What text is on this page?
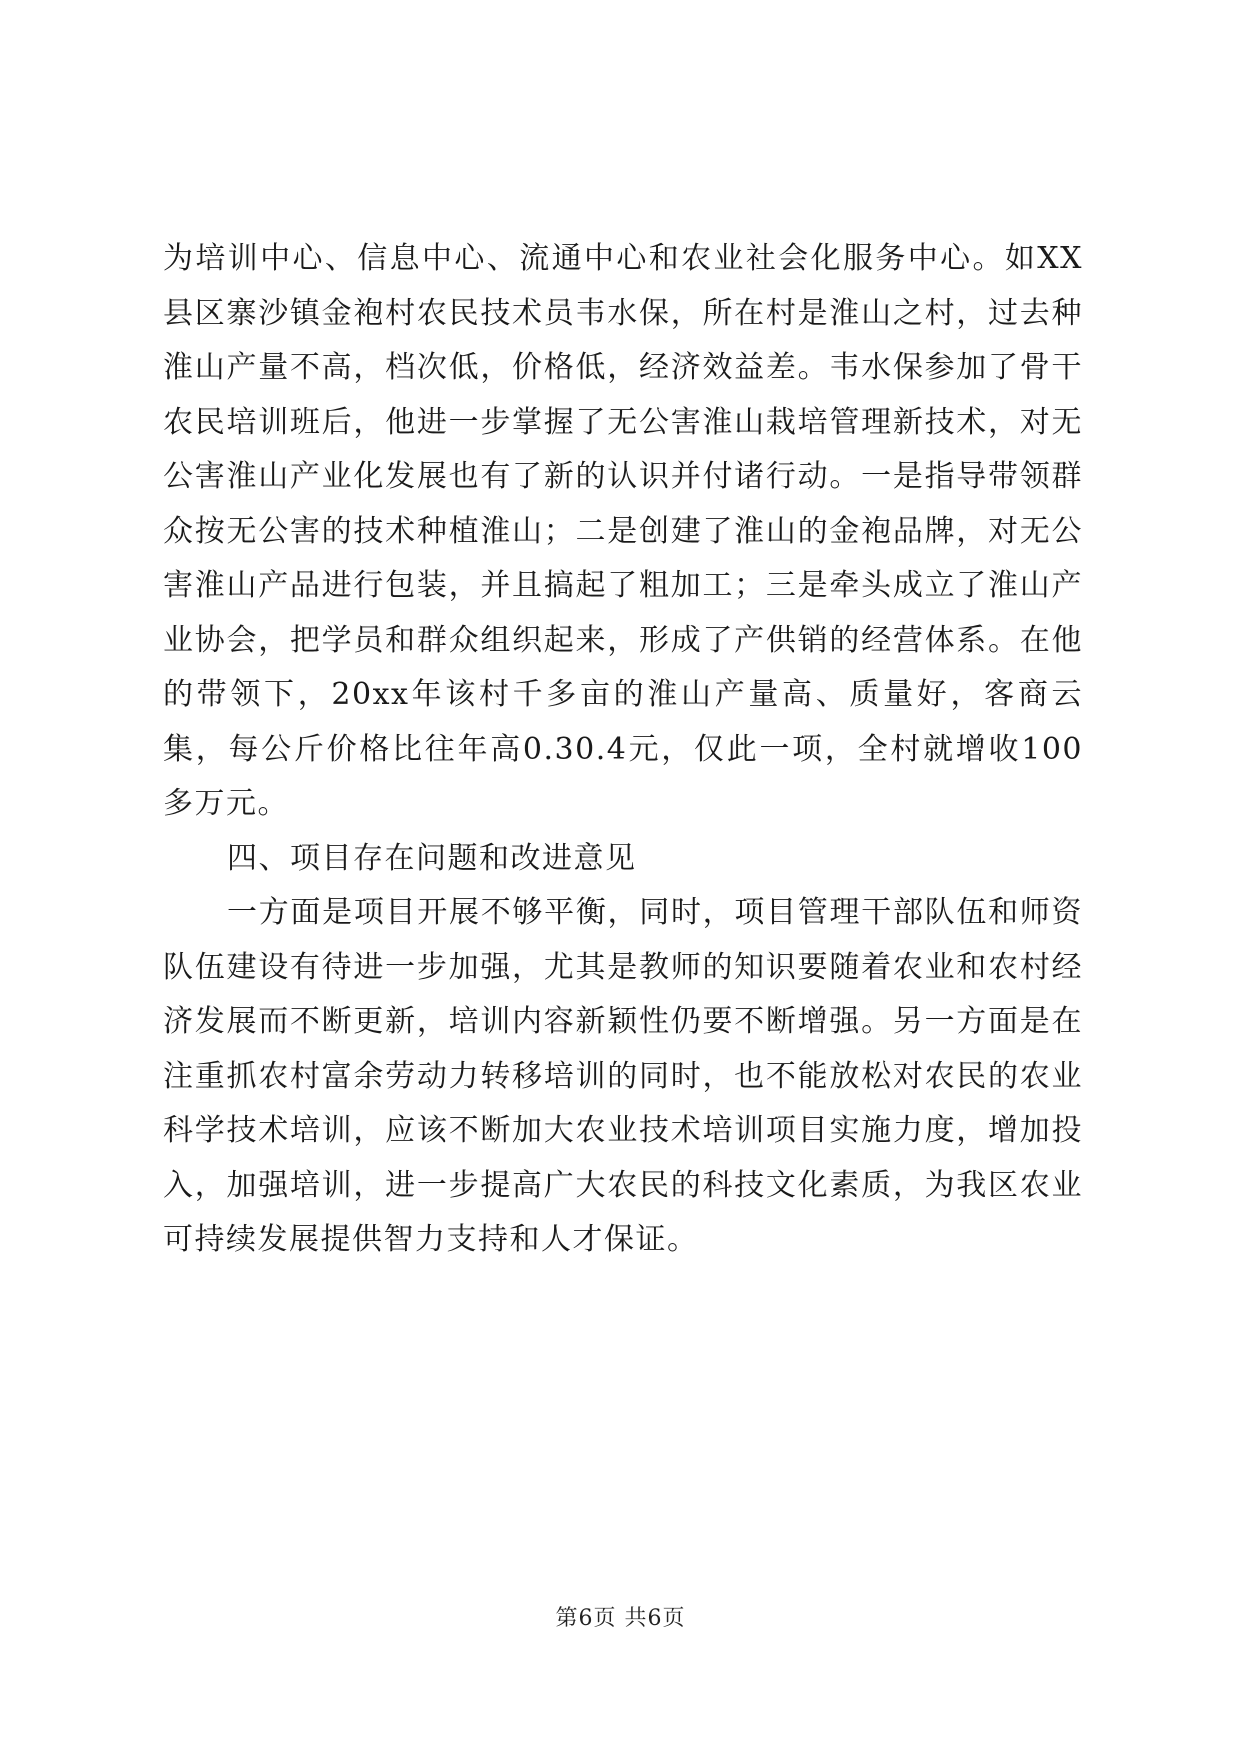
为培训中心、信息中心、流通中心和农业社会化服务中心。如XX县区寨沙镇金袍村农民技术员韦水保，所在村是淮山之村，过去种淮山产量不高，档次低，价格低，经济效益差。韦水保参加了骨干农民培训班后，他进一步掌握了无公害淮山栽培管理新技术，对无公害淮山产业化发展也有了新的认识并付诸行动。一是指导带领群众按无公害的技术种植淮山；二是创建了淮山的金袍品牌，对无公害淮山产品进行包装，并且搞起了粗加工；三是牵头成立了淮山产业协会，把学员和群众组织起来，形成了产供销的经营体系。在他的带领下，20xx年该村千多亩的淮山产量高、质量好，客商云集，每公斤价格比往年高0.30.4元，仅此一项，全村就增收100多万元。

四、项目存在问题和改进意见

一方面是项目开展不够平衡，同时，项目管理干部队伍和师资队伍建设有待进一步加强，尤其是教师的知识要随着农业和农村经济发展而不断更新，培训内容新颖性仍要不断增强。另一方面是在注重抓农村富余劳动力转移培训的同时，也不能放松对农民的农业科学技术培训，应该不断加大农业技术培训项目实施力度，增加投入，加强培训，进一步提高广大农民的科技文化素质，为我区农业可持续发展提供智力支持和人才保证。

第6页 共6页
